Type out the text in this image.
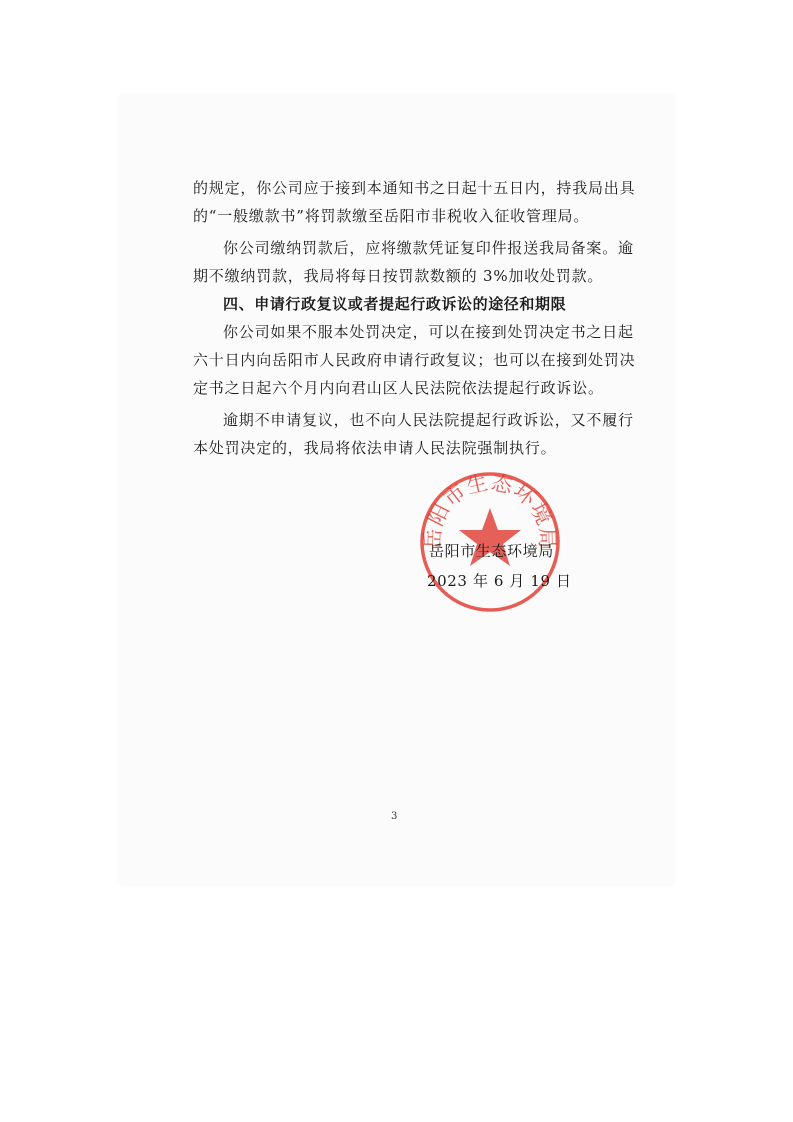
的规定，你公司应于接到本通知书之日起十五日内，持我局出具
的“一般缴款书”将罚款缴至岳阳市非税收入征收管理局。
你公司缴纳罚款后，应将缴款凭证复印件报送我局备案。逾
期不缴纳罚款，我局将每日按罚款数额的 3%加收处罚款。
四、申请行政复议或者提起行政诉讼的途径和期限
你公司如果不服本处罚决定，可以在接到处罚决定书之日起
六十日内向岳阳市人民政府申请行政复议；也可以在接到处罚决
定书之日起六个月内向君山区人民法院依法提起行政诉讼。
逾期不申请复议，也不向人民法院提起行政诉讼，又不履行
本处罚决定的，我局将依法申请人民法院强制执行。
岳阳市生态环境局
岳阳市生态环境局
2023 年 6 月 19 日
3
